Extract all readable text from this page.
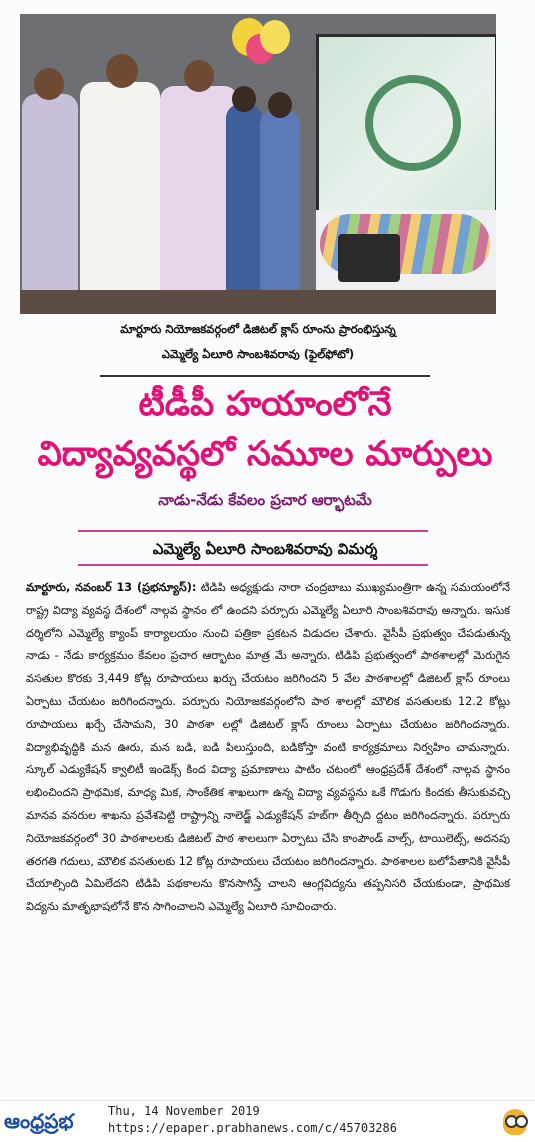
మార్టూరు నియోజకవర్గంలో డిజిటల్ క్లాస్ రూంను ప్రారంభిస్తున్న
ఎమ్మెల్యే ఏలూరి సాంబశివరావు (ఫైల్‌ఫోటో)
టీడీపీ హయాంలోనే
విద్యావ్యవస్థలో సమూల మార్పులు
నాడు-నేడు కేవలం ప్రచార ఆర్భాటమే
ఎమ్మెల్యే ఏలూరి సాంబశివరావు విమర్శ

మార్టూరు, నవంబర్ 13 (ప్రభన్యూస్): టిడిపి అధ్యక్షుడు నారా చంద్రబాబు ముఖ్యమంత్రిగా ఉన్న సమయంలోనే రాష్ట్ర విద్యా వ్యవస్థ దేశంలో నాల్గవ స్థానం లో ఉందని పర్చూరు ఎమ్మెల్యే ఏలూరి సాంబశివరావు అన్నారు. ఇసుక దర్శిలోని ఎమ్మెల్యే క్యాంప్ కార్యాలయం నుంచి పత్రికా ప్రకటన విడుదల చేశారు. వైసీపీ ప్రభుత్వం చేపడుతున్న నాడు - నేడు కార్యక్రమం కేవలం ప్రచార ఆర్భాటం మాత్ర మే అన్నారు. టిడిపి ప్రభుత్వంలో పాఠశాలల్లో మెరుగైన వసతుల కొరకు 3,449 కోట్ల రూపాయలు ఖర్చు చేయటం జరిగిందని 5 వేల పాఠశాలల్లో డిజిటల్ క్లాస్ రూంలు ఏర్పాటు చేయటం జరిగిందన్నారు. పర్చూరు నియోజకవర్గంలోని పాఠ శాలల్లో మౌలిక వసతులకు 12.2 కోట్లు రూపాయలు ఖర్చే చేసామని, 30 పాఠశా లల్లో డిజిటల్ క్లాస్ రూంలు ఏర్పాటు చేయటం జరిగిందన్నారు. విద్యాభివృద్ధికి మన ఊరు, మన బడి, బడి పిలుస్తుంది, బడికోస్తా వంటి కార్యక్రమాలు నిర్వహిం చామన్నారు. స్కూల్ ఎడ్యుకేషన్ క్వాలిటీ ఇండెక్స్ కింద విద్యా ప్రమాణాలు పాటిం చటంలో ఆంధ్రప్రదేశ్ దేశంలో నాల్గవ స్థానం లభించిందని ప్రాథమిక, మాధ్య మిక, సాంకేతిక శాఖలుగా ఉన్న విద్యా వ్యవస్థను ఒకే గొడుగు కిందకు తీసుకువచ్చి మానవ వనరుల శాఖను ప్రవేశపెట్టి రాష్ట్రాన్ని నాలెడ్జ్ ఎడ్యుకేషన్ హబ్‌గా తీర్చిది ద్దటం జరిగిందన్నారు. పర్చూరు నియోజకవర్గంలో 30 పాఠశాలలకు డిజిటల్ పాఠ శాలలుగా ఏర్పాటు చేసి కాంపౌండ్ వాల్స్, టాయిలెట్స్, అదనపు తరగతి గదులు, మౌలిక వసతులకు 12 కోట్ల రూపాయలు చేయటం జరిగిందన్నారు. పాఠశాలల బలోపేతానికి వైసీపీ చేయాల్సింది ఏమిలేదని టిడిపి పథకాలను కొనసాగిస్తే చాలని ఆంగ్లవిద్యను తప్పనిసరి చేయకుండా, ప్రాథమిక విద్యను మాతృభాషలోనే కొన సాగించాలని ఎమ్మెల్యే ఏలూరి సూచించారు.

ఆంధ్రప్రభ	Thu, 14 November 2019
https://epaper.prabhanews.com/c/45703286
